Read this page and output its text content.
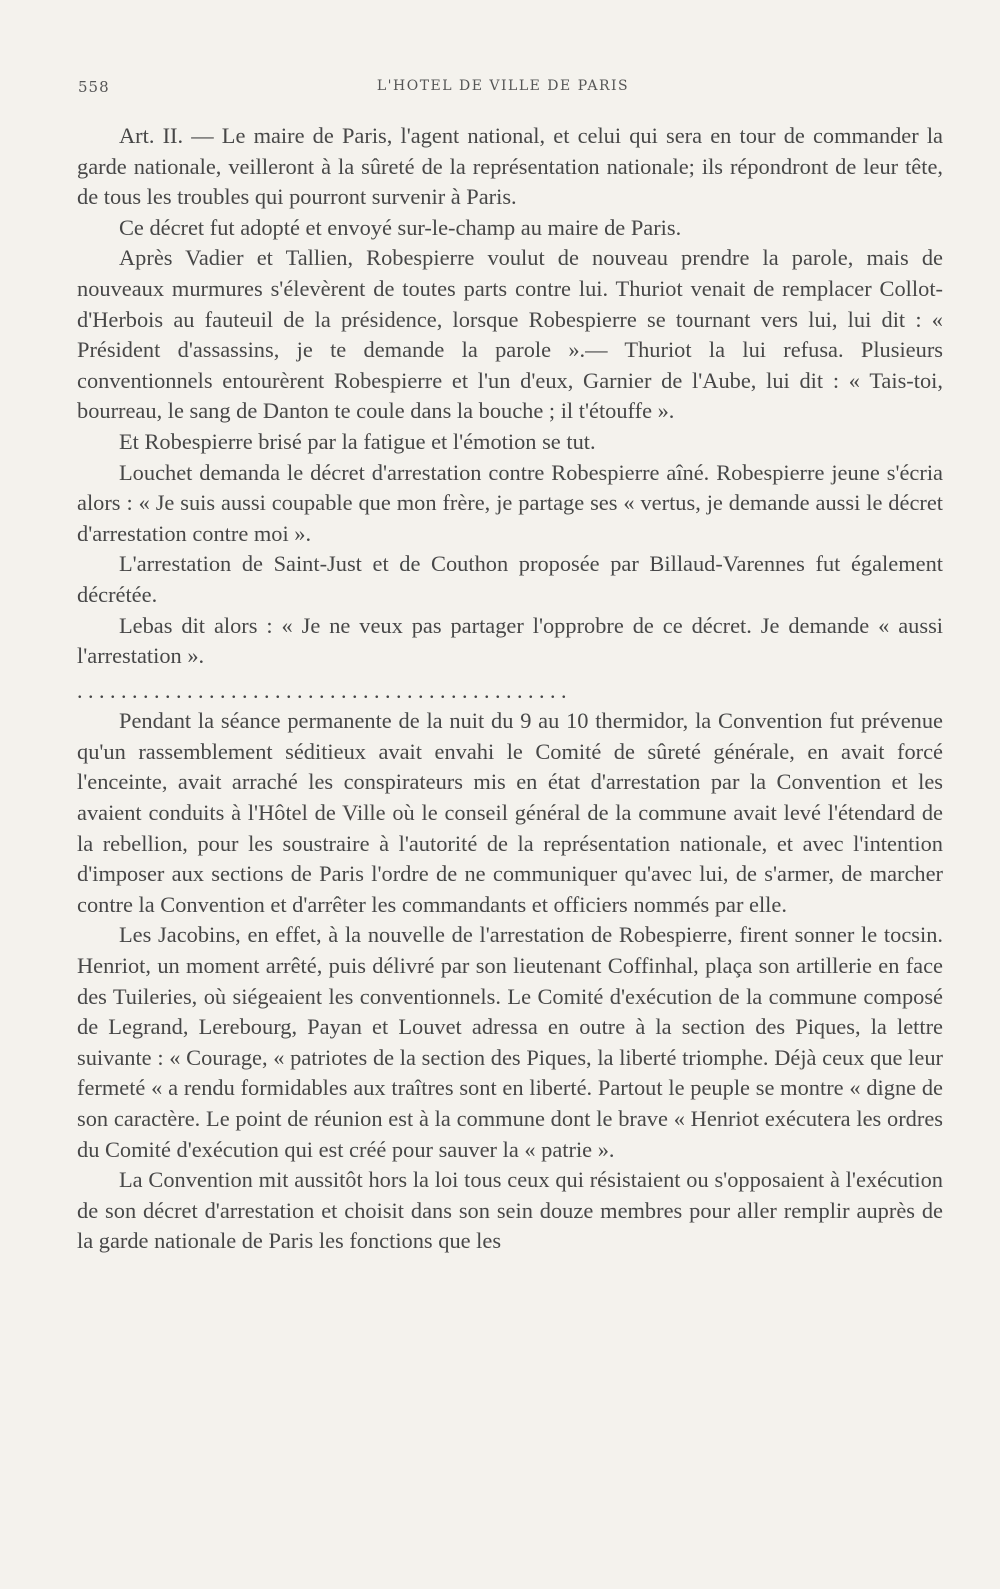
558	L'HOTEL DE VILLE DE PARIS

Art. II. — Le maire de Paris, l'agent national, et celui qui sera en tour de commander la garde nationale, veilleront à la sûreté de la représentation nationale; ils répondront de leur tête, de tous les troubles qui pourront survenir à Paris.

Ce décret fut adopté et envoyé sur-le-champ au maire de Paris.

Après Vadier et Tallien, Robespierre voulut de nouveau prendre la parole, mais de nouveaux murmures s'élevèrent de toutes parts contre lui. Thuriot venait de remplacer Collot-d'Herbois au fauteuil de la présidence, lorsque Robespierre se tournant vers lui, lui dit : « Président d'assassins, je te demande la parole ».— Thuriot la lui refusa. Plusieurs conventionnels entourèrent Robespierre et l'un d'eux, Garnier de l'Aube, lui dit : « Tais-toi, bourreau, le sang de Danton te coule dans la bouche ; il t'étouffe ».

Et Robespierre brisé par la fatigue et l'émotion se tut.

Louchet demanda le décret d'arrestation contre Robespierre aîné. Robespierre jeune s'écria alors : « Je suis aussi coupable que mon frère, je partage ses « vertus, je demande aussi le décret d'arrestation contre moi ».

L'arrestation de Saint-Just et de Couthon proposée par Billaud-Varennes fut également décrétée.

Lebas dit alors : « Je ne veux pas partager l'opprobre de ce décret. Je demande « aussi l'arrestation ».

. . . . . . . . . . . . . . . . . . . . . . . . . . . . . . . . . . . . . . . . . . . . .

Pendant la séance permanente de la nuit du 9 au 10 thermidor, la Convention fut prévenue qu'un rassemblement séditieux avait envahi le Comité de sûreté générale, en avait forcé l'enceinte, avait arraché les conspirateurs mis en état d'arrestation par la Convention et les avaient conduits à l'Hôtel de Ville où le conseil général de la commune avait levé l'étendard de la rebellion, pour les soustraire à l'autorité de la représentation nationale, et avec l'intention d'imposer aux sections de Paris l'ordre de ne communiquer qu'avec lui, de s'armer, de marcher contre la Convention et d'arrêter les commandants et officiers nommés par elle.

Les Jacobins, en effet, à la nouvelle de l'arrestation de Robespierre, firent sonner le tocsin. Henriot, un moment arrêté, puis délivré par son lieutenant Coffinhal, plaça son artillerie en face des Tuileries, où siégeaient les conventionnels. Le Comité d'exécution de la commune composé de Legrand, Lerebourg, Payan et Louvet adressa en outre à la section des Piques, la lettre suivante : « Courage, « patriotes de la section des Piques, la liberté triomphe. Déjà ceux que leur fermeté « a rendu formidables aux traîtres sont en liberté. Partout le peuple se montre « digne de son caractère. Le point de réunion est à la commune dont le brave « Henriot exécutera les ordres du Comité d'exécution qui est créé pour sauver la « patrie ».

La Convention mit aussitôt hors la loi tous ceux qui résistaient ou s'opposaient à l'exécution de son décret d'arrestation et choisit dans son sein douze membres pour aller remplir auprès de la garde nationale de Paris les fonctions que les
